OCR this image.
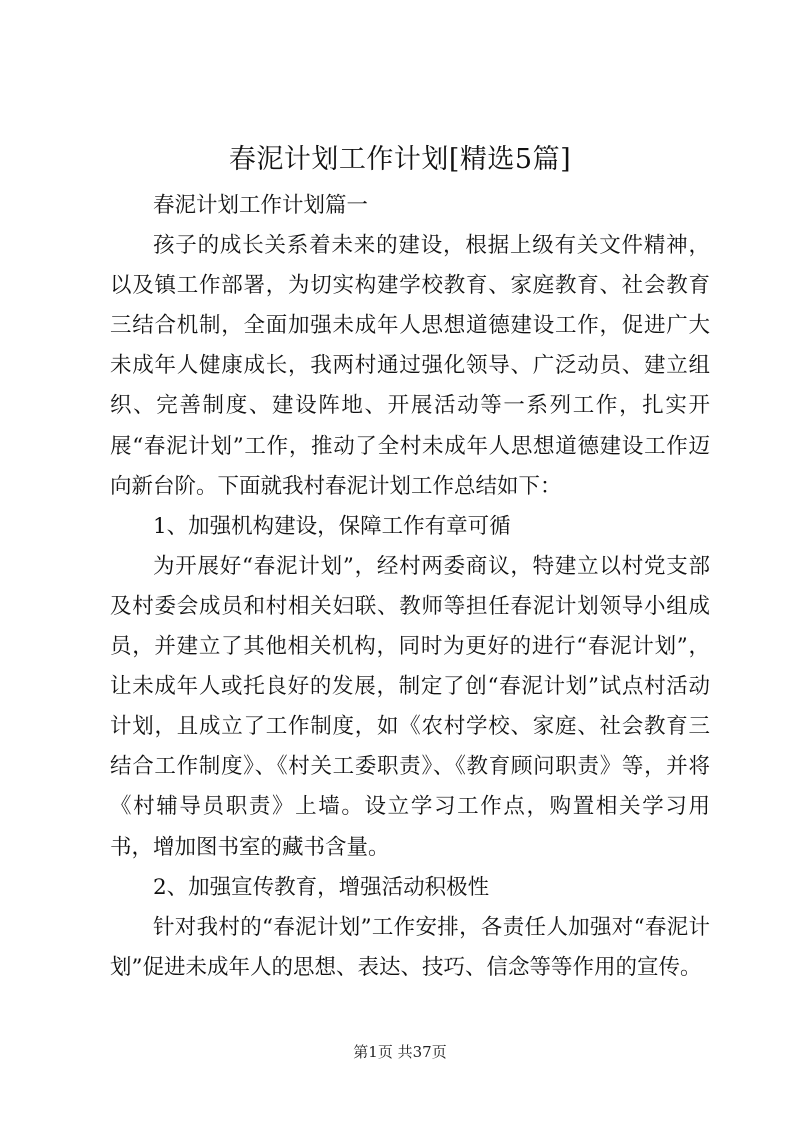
春泥计划工作计划[精选5篇]

春泥计划工作计划篇一

孩子的成长关系着未来的建设，根据上级有关文件精神，以及镇工作部署，为切实构建学校教育、家庭教育、社会教育三结合机制，全面加强未成年人思想道德建设工作，促进广大未成年人健康成长，我两村通过强化领导、广泛动员、建立组织、完善制度、建设阵地、开展活动等一系列工作，扎实开展“春泥计划”工作，推动了全村未成年人思想道德建设工作迈向新台阶。下面就我村春泥计划工作总结如下：

1、加强机构建设，保障工作有章可循

为开展好“春泥计划”，经村两委商议，特建立以村党支部及村委会成员和村相关妇联、教师等担任春泥计划领导小组成员，并建立了其他相关机构，同时为更好的进行“春泥计划”，让未成年人或托良好的发展，制定了创“春泥计划”试点村活动计划，且成立了工作制度，如《农村学校、家庭、社会教育三结合工作制度》、《村关工委职责》、《教育顾问职责》等，并将《村辅导员职责》上墙。设立学习工作点，购置相关学习用书，增加图书室的藏书含量。

2、加强宣传教育，增强活动积极性

针对我村的“春泥计划”工作安排，各责任人加强对“春泥计划”促进未成年人的思想、表达、技巧、信念等等作用的宣传。

第1页 共37页
